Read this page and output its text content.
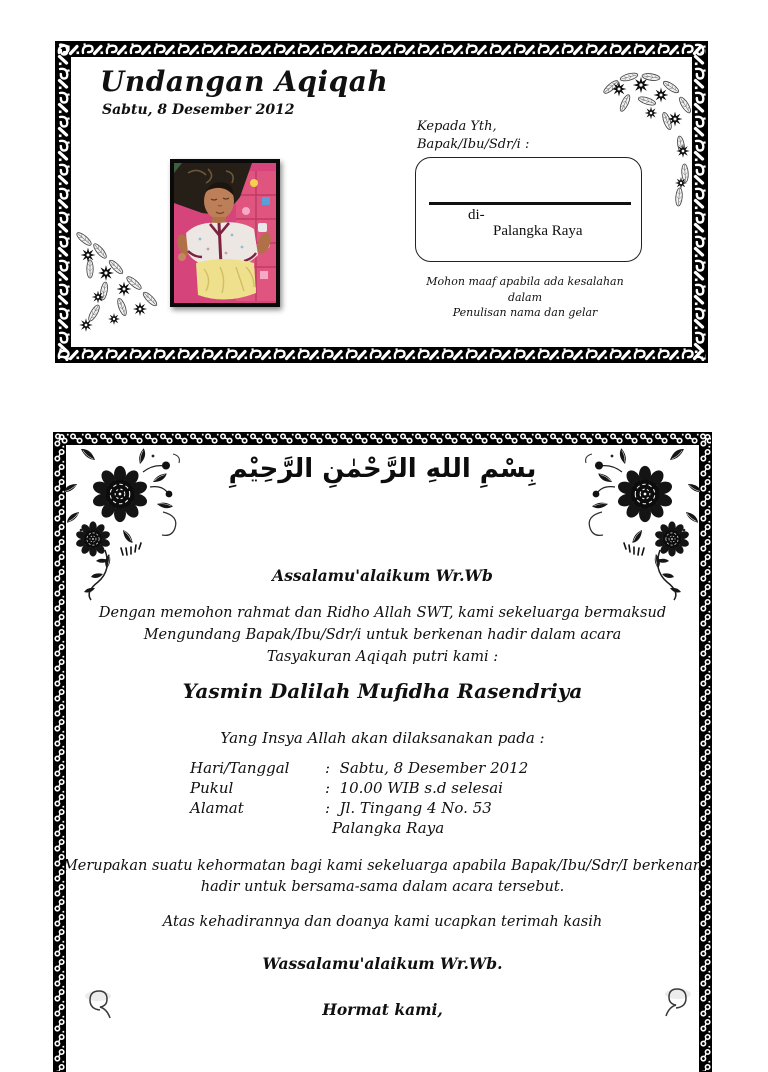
Undangan Aqiqah
Sabtu, 8 Desember 2012
Kepada Yth,
Bapak/Ibu/Sdr/i :
di-
Palangka Raya
Mohon maaf apabila ada kesalahan dalam
Penulisan nama dan gelar
بِسْمِ اللهِ الرَّحْمٰنِ الرَّحِيْمِ
Assalamu'alaikum Wr.Wb
Dengan memohon rahmat dan Ridho Allah SWT, kami sekeluarga bermaksud
Mengundang Bapak/Ibu/Sdr/i untuk berkenan hadir dalam acara
Tasyakuran Aqiqah putri kami :
Yasmin Dalilah Mufidha Rasendriya
Yang Insya Allah akan dilaksanakan pada :
Hari/Tanggal	:  Sabtu, 8 Desember 2012
Pukul	:  10.00 WIB s.d selesai
Alamat	:  Jl. Tingang 4 No. 53
Palangka Raya
Merupakan suatu kehormatan bagi kami sekeluarga apabila Bapak/Ibu/Sdr/I berkenan
hadir untuk bersama-sama dalam acara tersebut.
Atas kehadirannya dan doanya kami ucapkan terimah kasih
Wassalamu'alaikum Wr.Wb.
Hormat kami,
